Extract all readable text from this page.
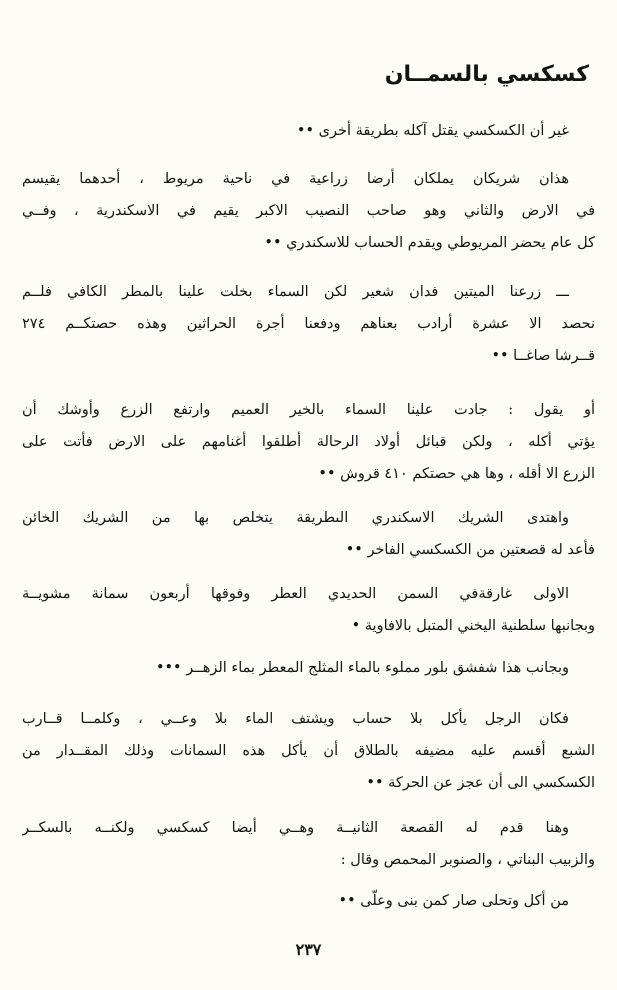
كسكسي بالسمــان
غير أن الكسكسي يقتل آكله بطريقة أخرى ••
هذان شريكان يملكان أرضا زراعية في ناحية مريوط ، أحدهما يقيسم
في الارض والثاني وهو صاحب النصيب الاكبر يقيم في الاسكندرية ، وفــي
كل عام يحضر المريوطي ويقدم الحساب للاسكندري ••
ـــ زرعنا الميتين فدان شعير لكن السماء بخلت علينا بالمطر الكافي فلــم
نحصد الا عشرة أرادب بعناهم ودفعنا أجرة الحراثين وهذه حصتكــم ٢٧٤
قــرشا صاغــا ••
أو يقول : جادت علينا السماء بالخير العميم وارتفع الزرع وأوشك أن
يؤتي أكله ، ولكن قبائل أولاد الرحالة أطلقوا أغنامهم على الارض فأتت على
الزرع الا أقله ، وها هي حصتكم ٤١٠ قروش ••
واهتدى الشريك الاسكندري الىطريقة يتخلص بها من الشريك الخائن
فأعد له قصعتين من الكسكسي الفاخر ••
الاولى غارقةفي السمن الحديدي العطر وفوقها أربعون سمانة مشويــة
وبجانبها سلطنية اليخني المتبل بالافاوية •
وبجانب هذا شفشق بلور مملوء بالماء المثلج المعطر بماء الزهــر •••
فكان الرجل يأكل بلا حساب ويشتف الماء بلا وعــي ، وكلمــا قــارب
الشبع أقسم عليه مضيفه بالطلاق أن يأكل هذه السمانات وذلك المقــدار من
الكسكسي الى أن عجز عن الحركة ••
وهنا قدم له القصعة الثانيــة وهــي أيضا كسكسي ولكنــه بالسكــر
والزبيب البناتي ، والصنوبر المحمص وقال :
من أكل وتحلى صار كمن بنى وعلّى ••
٢٣٧
